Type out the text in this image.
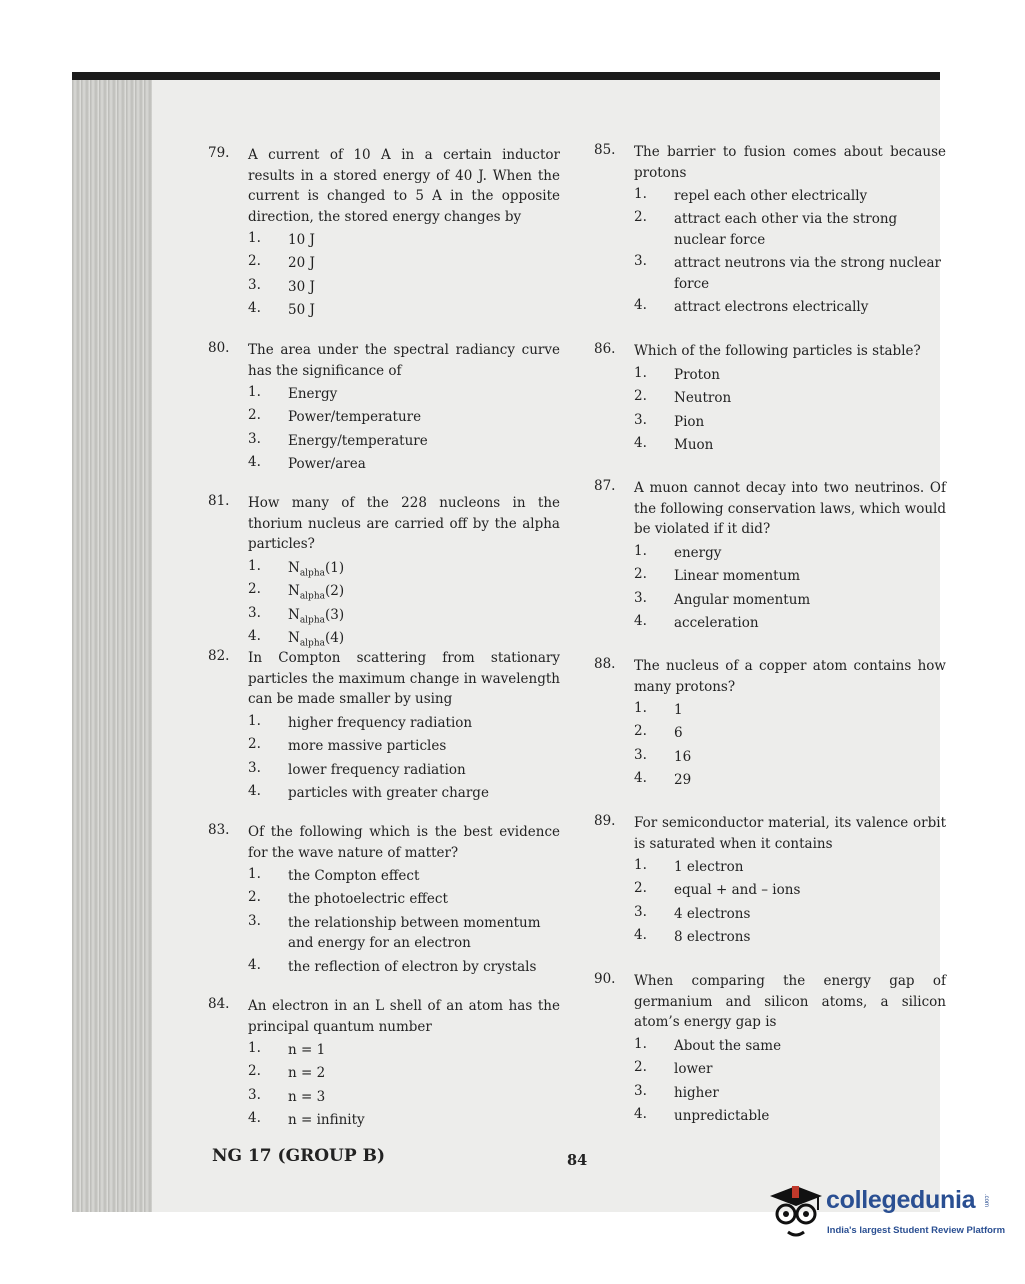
79.	A current of 10 A in a certain inductor results in a stored energy of 40 J. When the current is changed to 5 A in the opposite direction, the stored energy changes by
1.	10 J
2.	20 J
3.	30 J
4.	50 J
80.	The area under the spectral radiancy curve has the significance of
1.	Energy
2.	Power/temperature
3.	Energy/temperature
4.	Power/area
81.	How many of the 228 nucleons in the thorium nucleus are carried off by the alpha particles?
1.	$N_{alpha}(1)$
2.	$N_{alpha}(2)$
3.	$N_{alpha}(3)$
4.	$N_{alpha}(4)$
82.	In Compton scattering from stationary particles the maximum change in wavelength can be made smaller by using
1.	higher frequency radiation
2.	more massive particles
3.	lower frequency radiation
4.	particles with greater charge
83.	Of the following which is the best evidence for the wave nature of matter?
1.	the Compton effect
2.	the photoelectric effect
3.	the relationship between momentum and energy for an electron
4.	the reflection of electron by crystals
84.	An electron in an L shell of an atom has the principal quantum number
1.	n = 1
2.	n = 2
3.	n = 3
4.	n = infinity
85.	The barrier to fusion comes about because protons
1.	repel each other electrically
2.	attract each other via the strong nuclear force
3.	attract neutrons via the strong nuclear force
4.	attract electrons electrically
86.	Which of the following particles is stable?
1.	Proton
2.	Neutron
3.	Pion
4.	Muon
87.	A muon cannot decay into two neutrinos. Of the following conservation laws, which would be violated if it did?
1.	energy
2.	Linear momentum
3.	Angular momentum
4.	acceleration
88.	The nucleus of a copper atom contains how many protons?
1.	1
2.	6
3.	16
4.	29
89.	For semiconductor material, its valence orbit is saturated when it contains
1.	1 electron
2.	equal + and – ions
3.	4 electrons
4.	8 electrons
90.	When comparing the energy gap of germanium and silicon atoms, a silicon atom’s energy gap is
1.	About the same
2.	lower
3.	higher
4.	unpredictable
NG 17 (GROUP B)	84
collegedunia .com
India's largest Student Review Platform
